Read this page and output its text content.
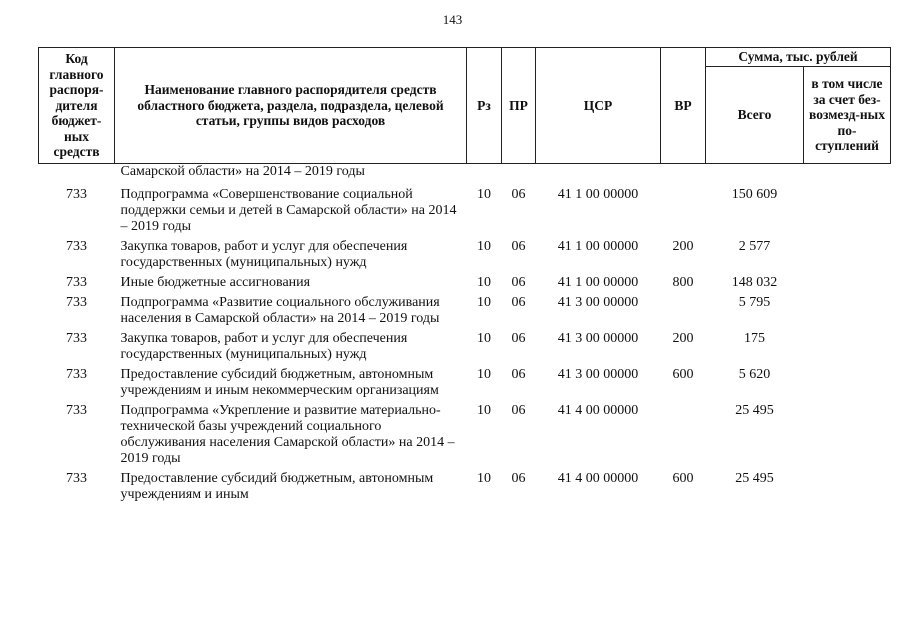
143
Код главного распоря-дителя бюджет-ных средств	Наименование главного распорядителя средств областного бюджета, раздела, подраздела, целевой статьи, группы видов расходов	Рз	ПР	ЦСР	ВР	Сумма, тыс. рублей	
						Всего	в том числе за счет без-возмезд-ных по-ступлений
	Самарской области» на 2014 – 2019 годы						
733	Подпрограмма «Совершенствование социальной поддержки семьи и детей в Самарской области» на 2014 – 2019 годы	10	06	41 1 00 00000		150 609	
733	Закупка товаров, работ и услуг для обеспечения государственных (муниципальных) нужд	10	06	41 1 00 00000	200	2 577	
733	Иные бюджетные ассигнования	10	06	41 1 00 00000	800	148 032	
733	Подпрограмма «Развитие социального обслуживания населения в Самарской области» на 2014 – 2019 годы	10	06	41 3 00 00000		5 795	
733	Закупка товаров, работ и услуг для обеспечения государственных (муниципальных) нужд	10	06	41 3 00 00000	200	175	
733	Предоставление субсидий бюджетным, автономным учреждениям и иным некоммерческим организациям	10	06	41 3 00 00000	600	5 620	
733	Подпрограмма «Укрепление и развитие материально-технической базы учреждений социального обслуживания населения Самарской области» на 2014 – 2019 годы	10	06	41 4 00 00000		25 495	
733	Предоставление субсидий бюджетным, автономным учреждениям и иным	10	06	41 4 00 00000	600	25 495	
